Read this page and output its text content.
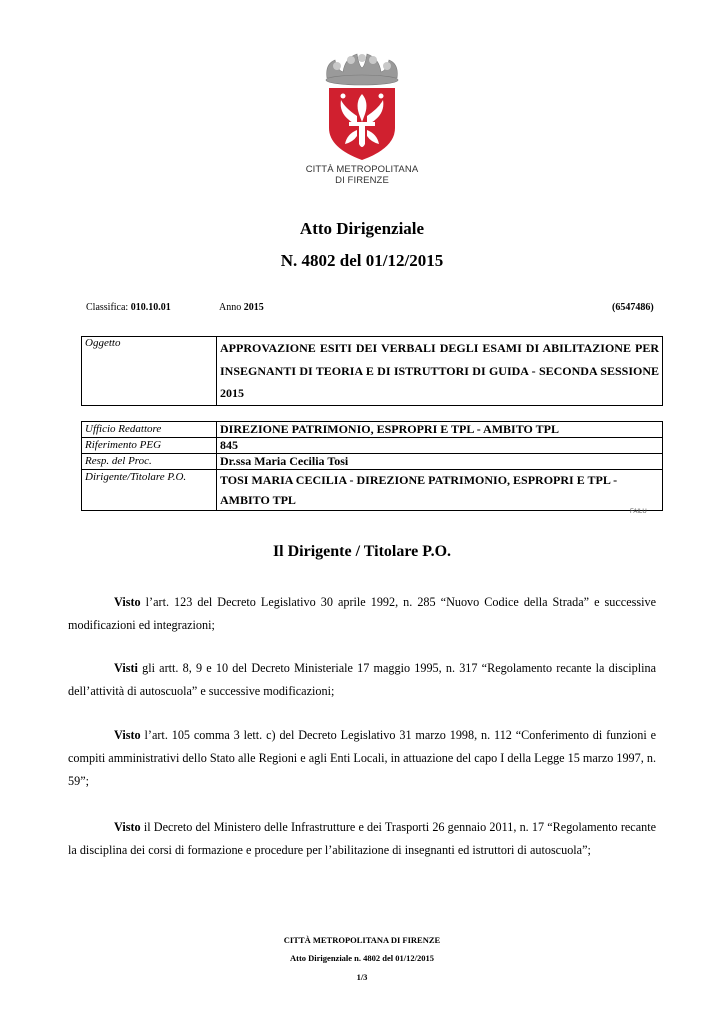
CITTÀ METROPOLITANA
DI FIRENZE
Atto Dirigenziale
N. 4802 del 01/12/2015
Classifica: 010.10.01	Anno 2015	(6547486)
Oggetto	APPROVAZIONE ESITI DEI VERBALI DEGLI ESAMI DI ABILITAZIONE PER INSEGNANTI DI TEORIA E DI ISTRUTTORI DI GUIDA - SECONDA SESSIONE 2015
Ufficio Redattore	DIREZIONE PATRIMONIO, ESPROPRI E TPL - AMBITO TPL
Riferimento PEG	845
Resp. del Proc.	Dr.ssa Maria Cecilia Tosi
Dirigente/Titolare P.O.	TOSI MARIA CECILIA - DIREZIONE PATRIMONIO, ESPROPRI E TPL - AMBITO TPL
FAILU
Il Dirigente / Titolare P.O.
Visto l’art. 123 del Decreto Legislativo 30 aprile 1992, n. 285 “Nuovo Codice della Strada” e successive modificazioni ed integrazioni;
Visti gli artt. 8, 9 e 10 del Decreto Ministeriale 17 maggio 1995, n. 317 “Regolamento recante la disciplina dell’attività di autoscuola” e successive modificazioni;
Visto l’art. 105 comma 3 lett. c) del Decreto Legislativo 31 marzo 1998, n. 112 “Conferimento di funzioni e compiti amministrativi dello Stato alle Regioni e agli Enti Locali, in attuazione del capo I della Legge 15 marzo 1997, n. 59”;
Visto il Decreto del Ministero delle Infrastrutture e dei Trasporti 26 gennaio 2011, n. 17 “Regolamento recante la disciplina dei corsi di formazione e procedure per l’abilitazione di insegnanti ed istruttori di autoscuola”;
CITTÀ METROPOLITANA DI FIRENZE
Atto Dirigenziale n. 4802 del 01/12/2015
1/3
